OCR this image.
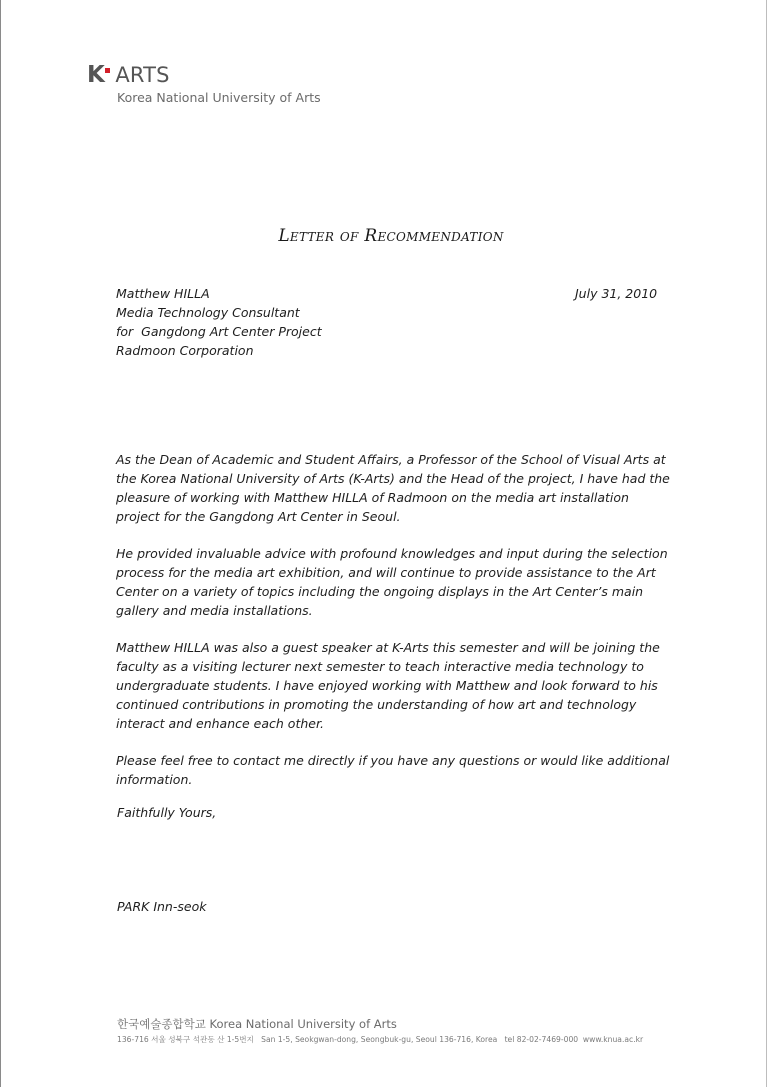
K ARTS
Korea National University of Arts
Letter of Recommendation
Matthew HILLA
Media Technology Consultant
for  Gangdong Art Center Project
Radmoon Corporation
July 31, 2010

As the Dean of Academic and Student Affairs, a Professor of the School of Visual Arts at the Korea National University of Arts (K-Arts) and the Head of the project, I have had the pleasure of working with Matthew HILLA of Radmoon on the media art installation project for the Gangdong Art Center in Seoul.

He provided invaluable advice with profound knowledges and input during the selection process for the media art exhibition, and will continue to provide assistance to the Art Center on a variety of topics including the ongoing displays in the Art Center’s main gallery and media installations.

Matthew HILLA was also a guest speaker at K-Arts this semester and will be joining the faculty as a visiting lecturer next semester to teach interactive media technology to undergraduate students. I have enjoyed working with Matthew and look forward to his continued contributions in promoting the understanding of how art and technology interact and enhance each other.

Please feel free to contact me directly if you have any questions or would like additional information.

Faithfully Yours,
PARK Inn-seok
한국예술종합학교 Korea National University of Arts
136-716 서울 성북구 석관동 산 1-5번지   San 1-5, Seokgwan-dong, Seongbuk-gu, Seoul 136-716, Korea   tel 82-02-7469-000  www.knua.ac.kr
